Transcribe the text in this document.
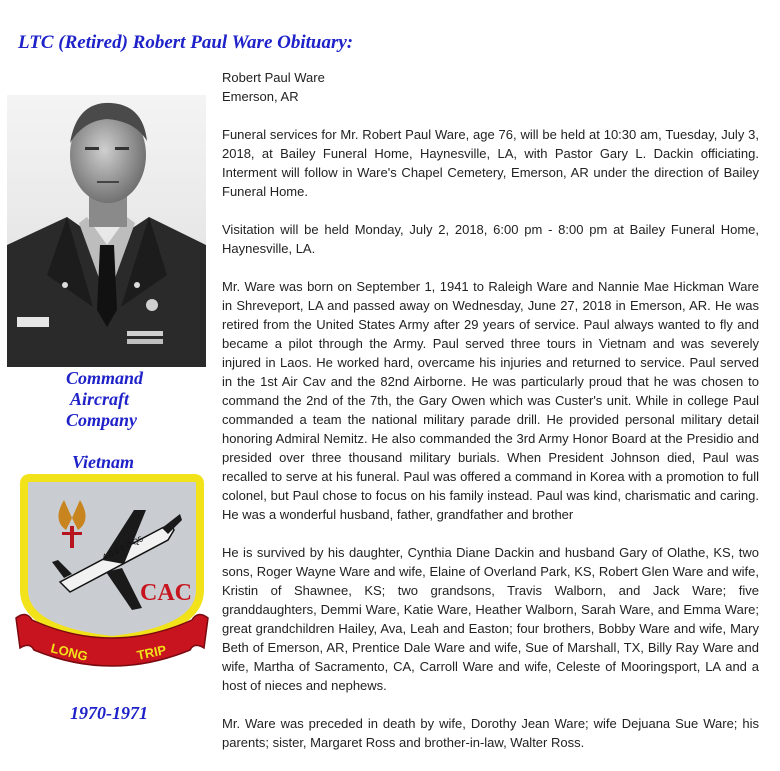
LTC (Retired) Robert Paul Ware Obituary:
Command
Aircraft
Company
Vietnam
4 0 0 0 0 Q5
CAC
LONG	TRIP
1970-1971

Robert Paul Ware
Emerson, AR

Funeral services for Mr. Robert Paul Ware, age 76, will be held at 10:30 am, Tuesday, July 3, 2018, at Bailey Funeral Home, Haynesville, LA, with Pastor Gary L. Dackin officiating. Interment will follow in Ware's Chapel Cemetery, Emerson, AR under the direction of Bailey Funeral Home.

Visitation will be held Monday, July 2, 2018, 6:00 pm - 8:00 pm at Bailey Funeral Home, Haynesville, LA.

Mr. Ware was born on September 1, 1941 to Raleigh Ware and Nannie Mae Hickman Ware in Shreveport, LA and passed away on Wednesday, June 27, 2018 in Emerson, AR. He was retired from the United States Army after 29 years of service. Paul always wanted to fly and became a pilot through the Army. Paul served three tours in Vietnam and was severely injured in Laos. He worked hard, overcame his injuries and returned to service. Paul served in the 1st Air Cav and the 82nd Airborne. He was particularly proud that he was chosen to command the 2nd of the 7th, the Gary Owen which was Custer's unit. While in college Paul commanded a team the national military parade drill. He provided personal military detail honoring Admiral Nemitz. He also commanded the 3rd Army Honor Board at the Presidio and presided over three thousand military burials. When President Johnson died, Paul was recalled to serve at his funeral. Paul was offered a command in Korea with a promotion to full colonel, but Paul chose to focus on his family instead. Paul was kind, charismatic and caring. He was a wonderful husband, father, grandfather and brother

He is survived by his daughter, Cynthia Diane Dackin and husband Gary of Olathe, KS, two sons, Roger Wayne Ware and wife, Elaine of Overland Park, KS, Robert Glen Ware and wife, Kristin of Shawnee, KS; two grandsons, Travis Walborn, and Jack Ware; five granddaughters, Demmi Ware, Katie Ware, Heather Walborn, Sarah Ware, and Emma Ware; great grandchildren Hailey, Ava, Leah and Easton; four brothers, Bobby Ware and wife, Mary Beth of Emerson, AR, Prentice Dale Ware and wife, Sue of Marshall, TX, Billy Ray Ware and wife, Martha of Sacramento, CA, Carroll Ware and wife, Celeste of Mooringsport, LA and a host of nieces and nephews.

Mr. Ware was preceded in death by wife, Dorothy Jean Ware; wife Dejuana Sue Ware; his parents; sister, Margaret Ross and brother-in-law, Walter Ross.
